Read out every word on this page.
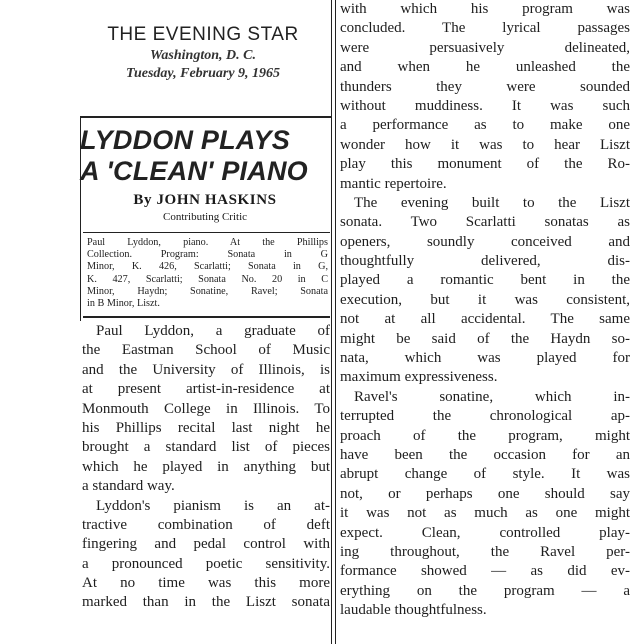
THE EVENING STAR
Washington, D. C.
Tuesday, February 9, 1965

LYDDON PLAYS

A 'CLEAN' PIANO

By JOHN HASKINS
Contributing Critic
Paul Lyddon, piano. At the Phillips
Collection. Program: Sonata in G
Minor, K. 426, Scarlatti; Sonata in G,
K. 427, Scarlatti; Sonata No. 20 in C
Minor, Haydn; Sonatine, Ravel; Sonata
in B Minor, Liszt.
Paul Lyddon, a graduate of
the Eastman School of Music
and the University of Illinois, is
at present artist-in-residence at
Monmouth College in Illinois. To
his Phillips recital last night he
brought a standard list of pieces
which he played in anything but
a standard way.
Lyddon's pianism is an at-
tractive combination of deft
fingering and pedal control with
a pronounced poetic sensitivity.
At no time was this more
marked than in the Liszt sonata
with which his program was
concluded. The lyrical passages
were persuasively delineated,
and when he unleashed the
thunders they were sounded
without muddiness. It was such
a performance as to make one
wonder how it was to hear Liszt
play this monument of the Ro-
mantic repertoire.
The evening built to the Liszt
sonata. Two Scarlatti sonatas as
openers, soundly conceived and
thoughtfully delivered, dis-
played a romantic bent in the
execution, but it was consistent,
not at all accidental. The same
might be said of the Haydn so-
nata, which was played for
maximum expressiveness.
Ravel's sonatine, which in-
terrupted the chronological ap-
proach of the program, might
have been the occasion for an
abrupt change of style. It was
not, or perhaps one should say
it was not as much as one might
expect. Clean, controlled play-
ing throughout, the Ravel per-
formance showed — as did ev-
erything on the program — a
laudable thoughtfulness.
